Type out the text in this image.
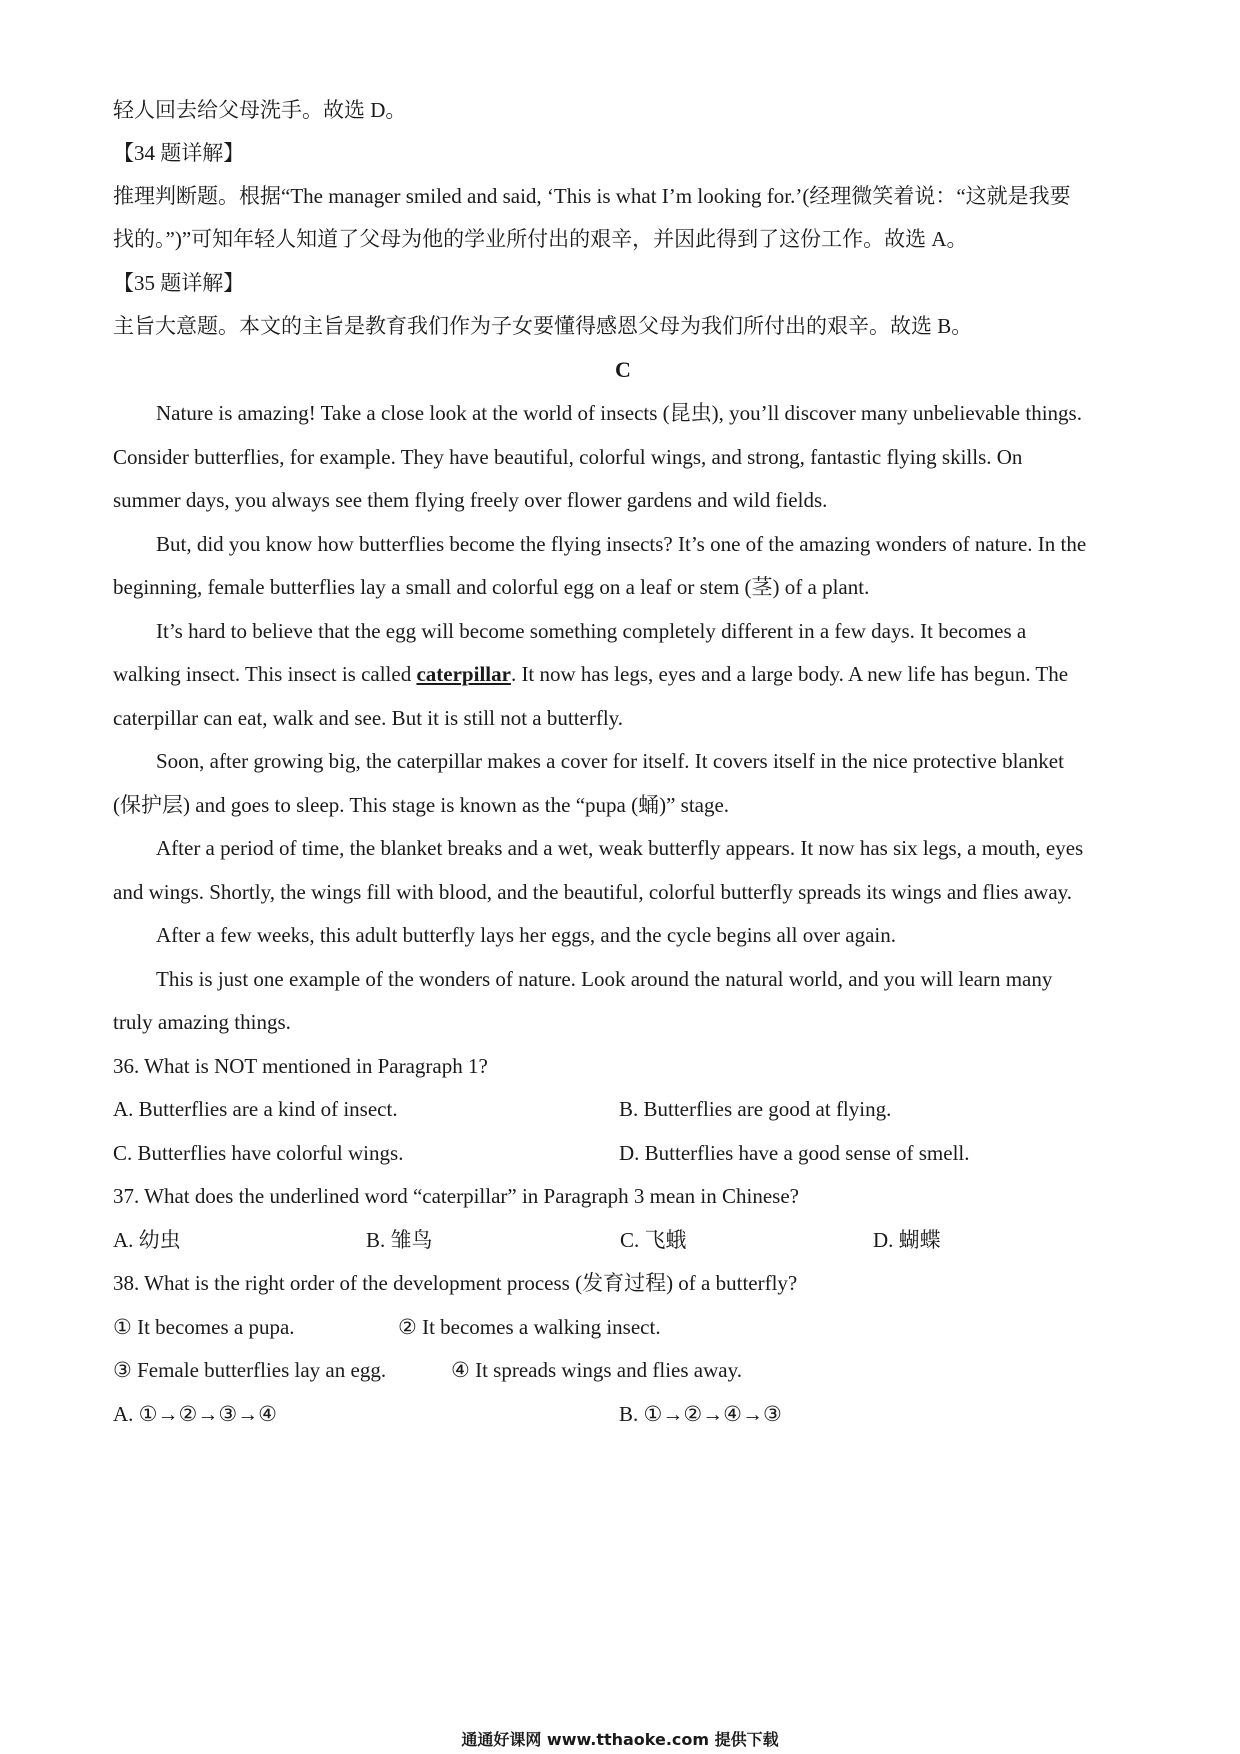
轻人回去给父母洗手。故选 D。
【34 题详解】
推理判断题。根据“The manager smiled and said, ‘This is what I’m looking for.’(经理微笑着说：“这就是我要
找的。”)”可知年轻人知道了父母为他的学业所付出的艰辛，并因此得到了这份工作。故选 A。
【35 题详解】
主旨大意题。本文的主旨是教育我们作为子女要懂得感恩父母为我们所付出的艰辛。故选 B。
C
Nature is amazing! Take a close look at the world of insects (昆虫), you’ll discover many unbelievable things.
Consider butterflies, for example. They have beautiful, colorful wings, and strong, fantastic flying skills. On
summer days, you always see them flying freely over flower gardens and wild fields.
But, did you know how butterflies become the flying insects? It’s one of the amazing wonders of nature. In the
beginning, female butterflies lay a small and colorful egg on a leaf or stem (茎) of a plant.
It’s hard to believe that the egg will become something completely different in a few days. It becomes a
walking insect. This insect is called caterpillar. It now has legs, eyes and a large body. A new life has begun. The
caterpillar can eat, walk and see. But it is still not a butterfly.
Soon, after growing big, the caterpillar makes a cover for itself. It covers itself in the nice protective blanket
(保护层) and goes to sleep. This stage is known as the “pupa (蛹)” stage.
After a period of time, the blanket breaks and a wet, weak butterfly appears. It now has six legs, a mouth, eyes
and wings. Shortly, the wings fill with blood, and the beautiful, colorful butterfly spreads its wings and flies away.
After a few weeks, this adult butterfly lays her eggs, and the cycle begins all over again.
This is just one example of the wonders of nature. Look around the natural world, and you will learn many
truly amazing things.
36. What is NOT mentioned in Paragraph 1?
A. Butterflies are a kind of insect.	B. Butterflies are good at flying.
C. Butterflies have colorful wings.	D. Butterflies have a good sense of smell.
37. What does the underlined word “caterpillar” in Paragraph 3 mean in Chinese?
A. 幼虫	B. 雏鸟	C. 飞蛾	D. 蝴蝶
38. What is the right order of the development process (发育过程) of a butterfly?
① It becomes a pupa.	② It becomes a walking insect.
③ Female butterflies lay an egg.	④ It spreads wings and flies away.
A. ①→②→③→④	B. ①→②→④→③
通通好课网 www.tthaoke.com 提供下载
